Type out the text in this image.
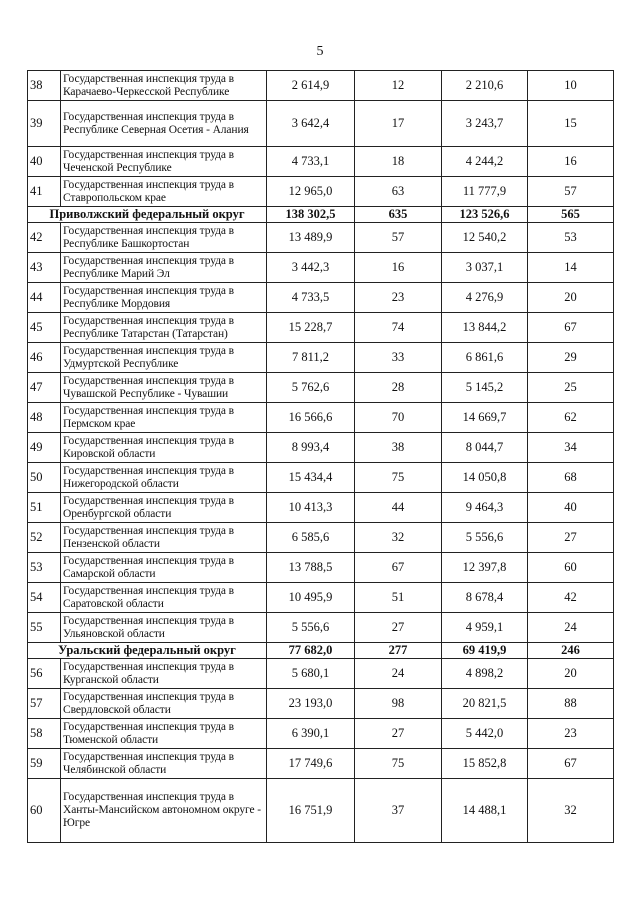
5
38	Государственная инспекция труда в Карачаево-Черкесской Республике	2 614,9	12	2 210,6	10
39	Государственная инспекция труда в Республике Северная Осетия - Алания	3 642,4	17	3 243,7	15
40	Государственная инспекция труда в Чеченской Республике	4 733,1	18	4 244,2	16
41	Государственная инспекция труда в Ставропольском крае	12 965,0	63	11 777,9	57
Приволжский федеральный округ		138 302,5	635	123 526,6	565
42	Государственная инспекция труда в Республике Башкортостан	13 489,9	57	12 540,2	53
43	Государственная инспекция труда в Республике Марий Эл	3 442,3	16	3 037,1	14
44	Государственная инспекция труда в Республике Мордовия	4 733,5	23	4 276,9	20
45	Государственная инспекция труда в Республике Татарстан (Татарстан)	15 228,7	74	13 844,2	67
46	Государственная инспекция труда в Удмуртской Республике	7 811,2	33	6 861,6	29
47	Государственная инспекция труда в Чувашской Республике - Чувашии	5 762,6	28	5 145,2	25
48	Государственная инспекция труда в Пермском крае	16 566,6	70	14 669,7	62
49	Государственная инспекция труда в Кировской области	8 993,4	38	8 044,7	34
50	Государственная инспекция труда в Нижегородской области	15 434,4	75	14 050,8	68
51	Государственная инспекция труда в Оренбургской области	10 413,3	44	9 464,3	40
52	Государственная инспекция труда в Пензенской области	6 585,6	32	5 556,6	27
53	Государственная инспекция труда в Самарской области	13 788,5	67	12 397,8	60
54	Государственная инспекция труда в Саратовской области	10 495,9	51	8 678,4	42
55	Государственная инспекция труда в Ульяновской области	5 556,6	27	4 959,1	24
Уральский федеральный округ		77 682,0	277	69 419,9	246
56	Государственная инспекция труда в Курганской области	5 680,1	24	4 898,2	20
57	Государственная инспекция труда в Свердловской области	23 193,0	98	20 821,5	88
58	Государственная инспекция труда в Тюменской области	6 390,1	27	5 442,0	23
59	Государственная инспекция труда в Челябинской области	17 749,6	75	15 852,8	67
60	Государственная инспекция труда в Ханты-Мансийском автономном округе - Югре	16 751,9	37	14 488,1	32
